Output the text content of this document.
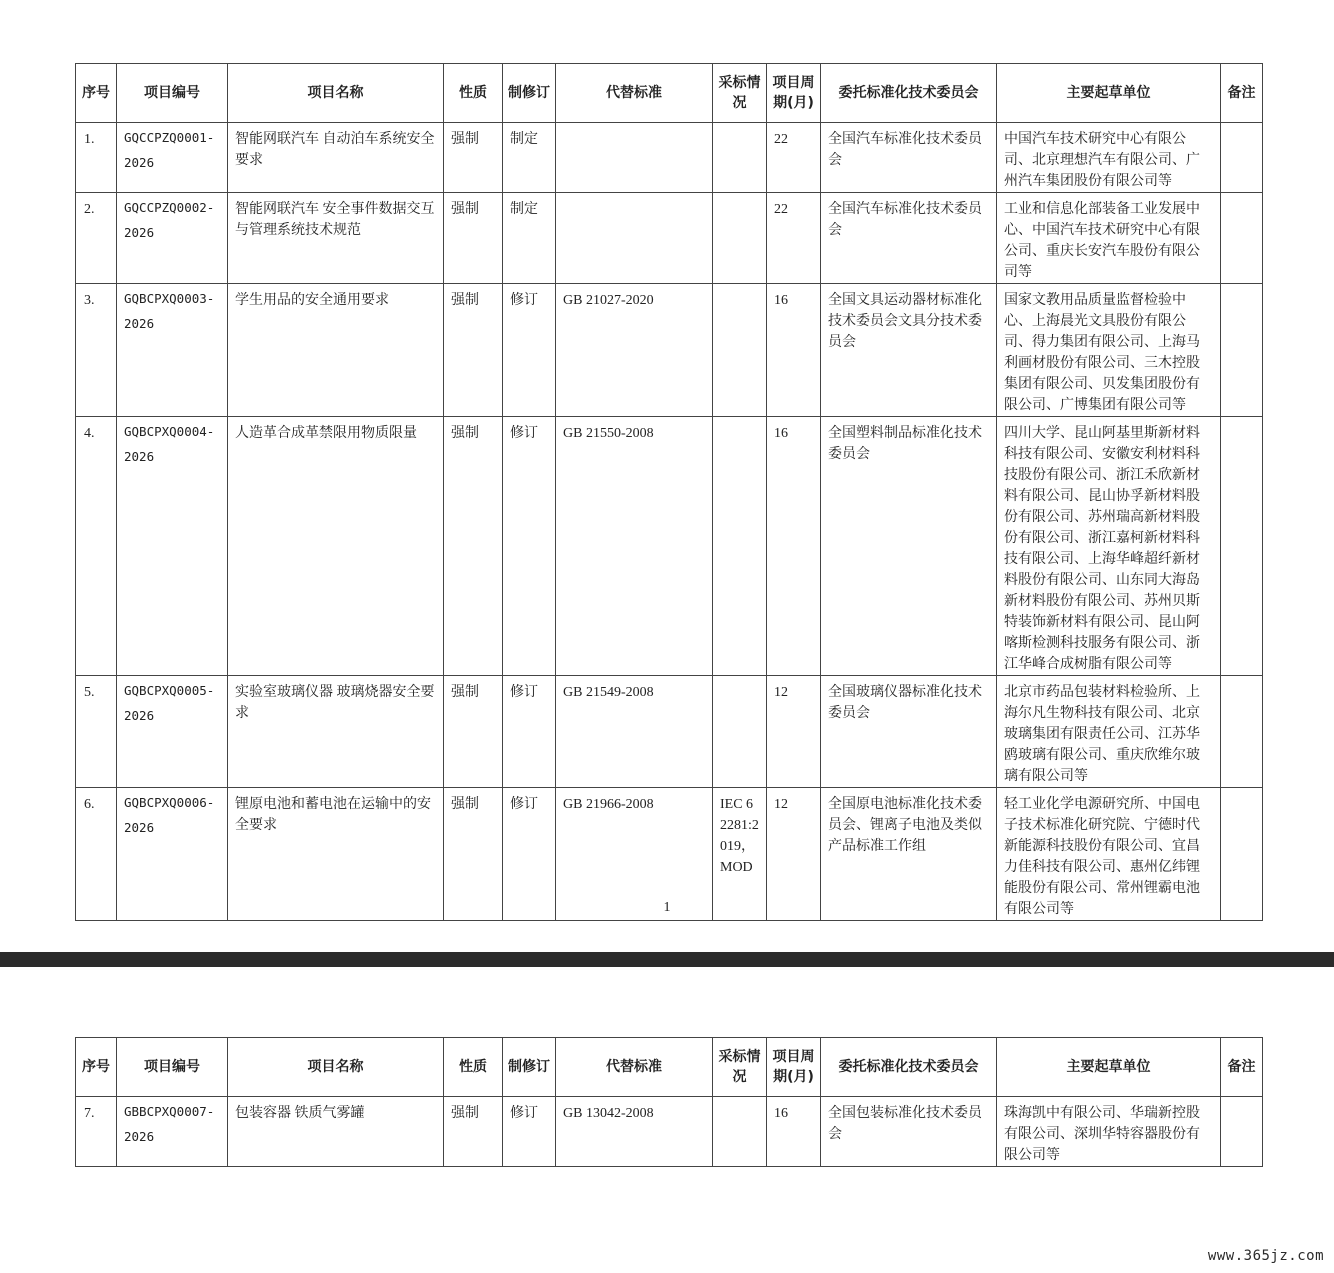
序号	项目编号	项目名称	性质	制修订	代替标准	采标情况	项目周期(月)	委托标准化技术委员会	主要起草单位	备注
1.	GQCCPZQ0001-2026	智能网联汽车 自动泊车系统安全要求	强制	制定			22	全国汽车标准化技术委员会	中国汽车技术研究中心有限公司、北京理想汽车有限公司、广州汽车集团股份有限公司等	
2.	GQCCPZQ0002-2026	智能网联汽车 安全事件数据交互与管理系统技术规范	强制	制定			22	全国汽车标准化技术委员会	工业和信息化部装备工业发展中心、中国汽车技术研究中心有限公司、重庆长安汽车股份有限公司等	
3.	GQBCPXQ0003-2026	学生用品的安全通用要求	强制	修订	GB 21027-2020		16	全国文具运动器材标准化技术委员会文具分技术委员会	国家文教用品质量监督检验中心、上海晨光文具股份有限公司、得力集团有限公司、上海马利画材股份有限公司、三木控股集团有限公司、贝发集团股份有限公司、广博集团有限公司等	
4.	GQBCPXQ0004-2026	人造革合成革禁限用物质限量	强制	修订	GB 21550-2008		16	全国塑料制品标准化技术委员会	四川大学、昆山阿基里斯新材料科技有限公司、安徽安利材料科技股份有限公司、浙江禾欣新材料有限公司、昆山协孚新材料股份有限公司、苏州瑞高新材料股份有限公司、浙江嘉柯新材料科技有限公司、上海华峰超纤新材料股份有限公司、山东同大海岛新材料股份有限公司、苏州贝斯特装饰新材料有限公司、昆山阿喀斯检测科技服务有限公司、浙江华峰合成树脂有限公司等	
5.	GQBCPXQ0005-2026	实验室玻璃仪器 玻璃烧器安全要求	强制	修订	GB 21549-2008		12	全国玻璃仪器标准化技术委员会	北京市药品包装材料检验所、上海尔凡生物科技有限公司、北京玻璃集团有限责任公司、江苏华鸥玻璃有限公司、重庆欣维尔玻璃有限公司等	
6.	GQBCPXQ0006-2026	锂原电池和蓄电池在运输中的安全要求	强制	修订	GB 21966-2008	IEC 62281:2019，MOD	12	全国原电池标准化技术委员会、锂离子电池及类似产品标准工作组	轻工业化学电源研究所、中国电子技术标准化研究院、宁德时代新能源科技股份有限公司、宜昌力佳科技有限公司、惠州亿纬锂能股份有限公司、常州锂霸电池有限公司等	
1
序号	项目编号	项目名称	性质	制修订	代替标准	采标情况	项目周期(月)	委托标准化技术委员会	主要起草单位	备注
7.	GBBCPXQ0007-2026	包装容器 铁质气雾罐	强制	修订	GB 13042-2008		16	全国包装标准化技术委员会	珠海凯中有限公司、华瑞新控股有限公司、深圳华特容器股份有限公司等	
www.365jz.com
